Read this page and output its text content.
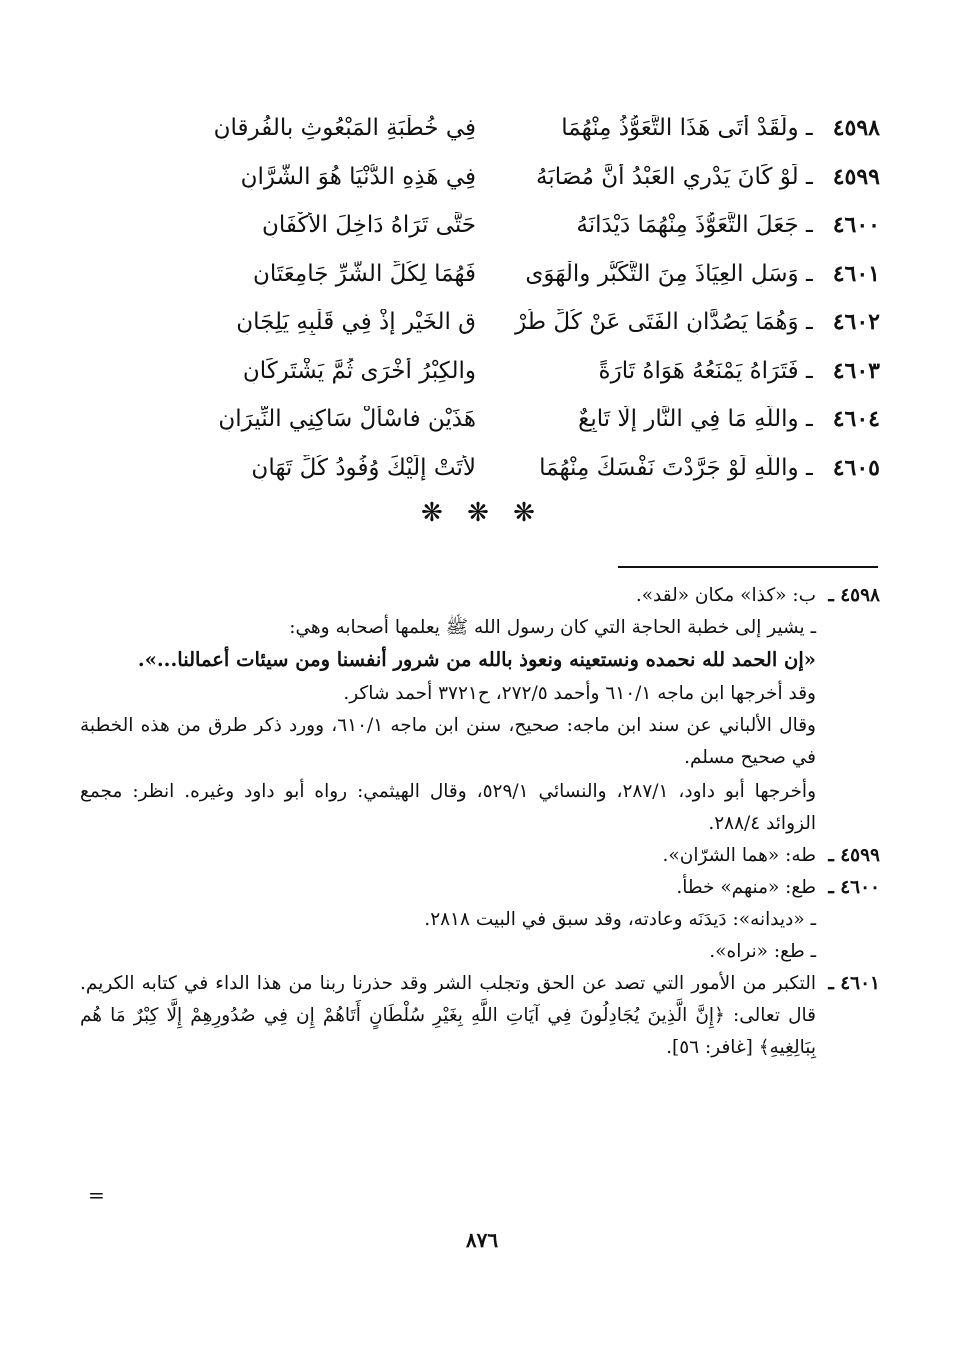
٤٥٩٨
ـ ولَقَدْ أَتَى هَذَا التَّعَوُّذُ مِنْهُمَا
فِي خُطْبَةِ المَبْعُوثِ بالفُرقانِ
٤٥٩٩
ـ لَوْ كَانَ يَدْرِي العَبْدُ أَنَّ مُصَابَهُ
فِي هَذِهِ الدُّنْيَا هُوَ الشَّرَّانِ
٤٦٠٠
ـ جَعَلَ التَّعَوُّذَ مِنْهُمَا دَيْدَانَهُ
حَتَّى تَرَاهُ دَاخِلَ الأَكْفَانِ
٤٦٠١
ـ وَسَلِ العِيَاذَ مِنَ التَّكَبُّرِ والْهَوَى
فَهُمَا لِكُلِّ الشَّرِّ جَامِعَتَانِ
٤٦٠٢
ـ وَهُمَا يَصُدَّانِ الفَتَى عَنْ كُلِّ طُرْ
قِ الخَيْرِ إِذْ فِي قَلْبِهِ يَلِجَانِ
٤٦٠٣
ـ فَتَرَاهُ يَمْنَعُهُ هَوَاهُ تَارَةً
والكِبْرُ أُخْرَى ثُمَّ يَشْتَرِكَانِ
٤٦٠٤
ـ واللّهِ مَا فِي النَّارِ إِلَّا تَابِعٌ
هَذَيْنِ فاسْأَلْ سَاكِنِي النِّيرَانِ
٤٦٠٥
ـ واللّهِ لَوْ جَرَّدْتَ نَفْسَكَ مِنْهُمَا
لأَتَتْ إِلَيْكَ وُفُودُ كُلِّ تَهَانِ
❋ ❋ ❋
٤٥٩٨ ـ

ب: «كذا» مكان «لقد».

ـ يشير إلى خطبة الحاجة التي كان رسول الله ﷺ يعلمها أصحابه وهي:

«إن الحمد لله نحمده ونستعينه ونعوذ بالله من شرور أنفسنا ومن سيئات أعمالنا...».

وقد أخرجها ابن ماجه ٦١٠/١ وأحمد ٢٧٢/٥، ح٣٧٢١ أحمد شاكر.

وقال الألباني عن سند ابن ماجه: صحيح، سنن ابن ماجه ٦١٠/١، وورد ذكر طرق من هذه الخطبة في صحيح مسلم.

وأخرجها أبو داود، ٢٨٧/١، والنسائي ٥٢٩/١، وقال الهيثمي: رواه أبو داود وغيره. انظر: مجمع الزوائد ٢٨٨/٤.

٤٥٩٩ ـ

طه: «هما الشرّان».

٤٦٠٠ ـ

طع: «منهم» خطأ.

ـ «ديدانه»: دَيدَنَه وعادته، وقد سبق في البيت ٢٨١٨.

ـ طع: «نراه».

٤٦٠١ ـ

التكبر من الأمور التي تصد عن الحق وتجلب الشر وقد حذرنا ربنا من هذا الداء في كتابه الكريم. قال تعالى: ﴿إِنَّ الَّذِينَ يُجَادِلُونَ فِي آيَاتِ اللَّهِ بِغَيْرِ سُلْطَانٍ أَتَاهُمْ إِن فِي صُدُورِهِمْ إِلَّا كِبْرٌ مَا هُم بِبَالِغِيهِ﴾ [غافر: ٥٦].

=
٨٧٦
